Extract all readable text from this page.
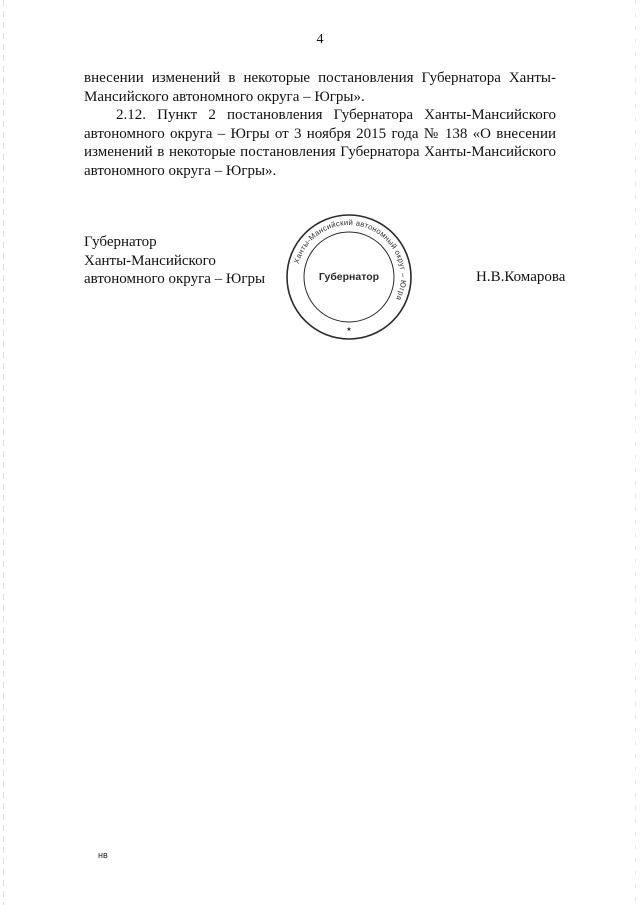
4
внесении изменений в некоторые постановления Губернатора Ханты-
Мансийского автономного округа – Югры».
2.12. Пункт 2 постановления Губернатора Ханты-Мансийского
автономного округа – Югры от 3 ноября 2015 года № 138 «О внесении
изменений в некоторые постановления Губернатора Ханты-Мансийского
автономного округа – Югры».
Губернатор
Ханты-Мансийского
автономного округа – Югры
Ханты-Мансийский автономный округ – Югра
Губернатор
★
Н.В.Комарова
нв
